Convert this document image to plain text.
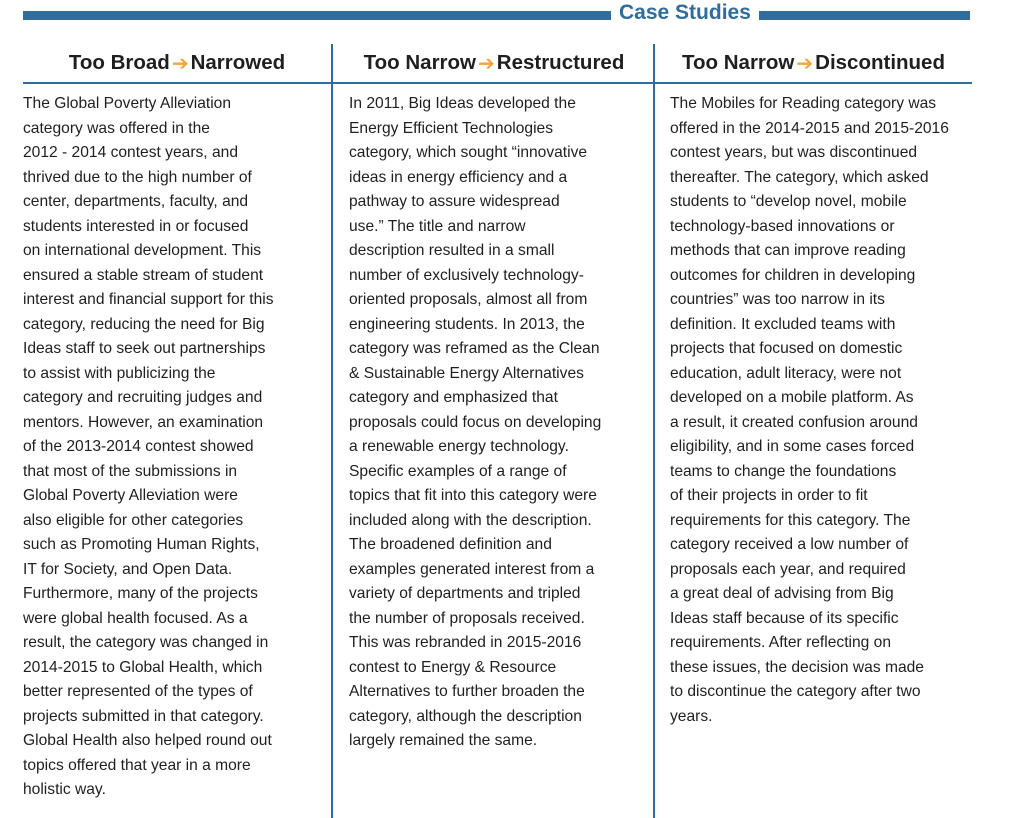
Case Studies
Too Broad ➔ Narrowed
The Global Poverty Alleviation
category was offered in the
2012 - 2014 contest years, and
thrived due to the high number of
center, departments, faculty, and
students interested in or focused
on international development. This
ensured a stable stream of student
interest and financial support for this
category, reducing the need for Big
Ideas staff to seek out partnerships
to assist with publicizing the
category and recruiting judges and
mentors. However, an examination
of the 2013-2014 contest showed
that most of the submissions in
Global Poverty Alleviation were
also eligible for other categories
such as Promoting Human Rights,
IT for Society, and Open Data.
Furthermore, many of the projects
were global health focused. As a
result, the category was changed in
2014-2015 to Global Health, which
better represented of the types of
projects submitted in that category.
Global Health also helped round out
topics offered that year in a more
holistic way.
Too Narrow ➔ Restructured
In 2011, Big Ideas developed the
Energy Efficient Technologies
category, which sought “innovative
ideas in energy efficiency and a
pathway to assure widespread
use.” The title and narrow
description resulted in a small
number of exclusively technology-
oriented proposals, almost all from
engineering students. In 2013, the
category was reframed as the Clean
& Sustainable Energy Alternatives
category and emphasized that
proposals could focus on developing
a renewable energy technology.
Specific examples of a range of
topics that fit into this category were
included along with the description.
The broadened definition and
examples generated interest from a
variety of departments and tripled
the number of proposals received.
This was rebranded in 2015-2016
contest to Energy & Resource
Alternatives to further broaden the
category, although the description
largely remained the same.
Too Narrow ➔ Discontinued
The Mobiles for Reading category was
offered in the 2014-2015 and 2015-2016
contest years, but was discontinued
thereafter. The category, which asked
students to “develop novel, mobile
technology-based innovations or
methods that can improve reading
outcomes for children in developing
countries” was too narrow in its
definition. It excluded teams with
projects that focused on domestic
education, adult literacy, were not
developed on a mobile platform. As
a result, it created confusion around
eligibility, and in some cases forced
teams to change the foundations
of their projects in order to fit
requirements for this category. The
category received a low number of
proposals each year, and required
a great deal of advising from Big
Ideas staff because of its specific
requirements. After reflecting on
these issues, the decision was made
to discontinue the category after two
years.
